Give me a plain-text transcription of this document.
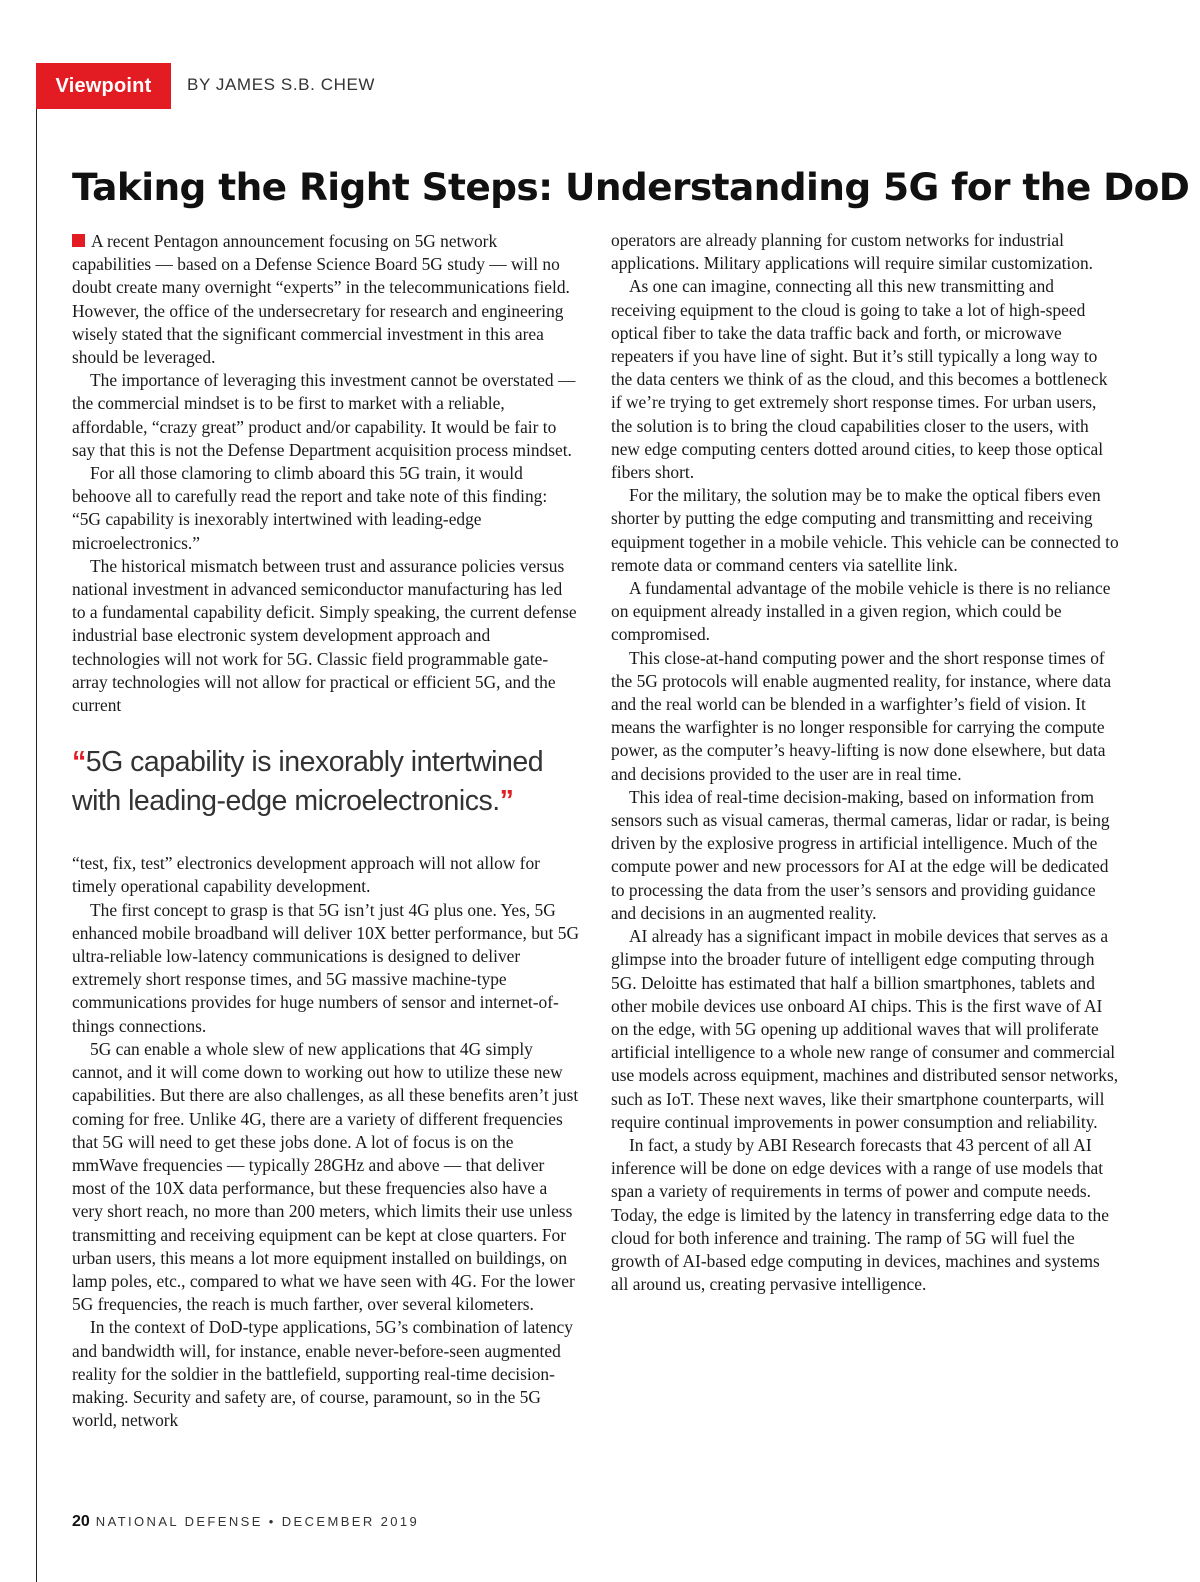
Viewpoint	BY JAMES S.B. CHEW
Taking the Right Steps: Understanding 5G for the DoD

A recent Pentagon announcement focusing on 5G network capabilities — based on a Defense Science Board 5G study — will no doubt create many overnight “experts” in the telecommunications field. However, the office of the undersecretary for research and engineering wisely stated that the significant commercial investment in this area should be leveraged.

The importance of leveraging this investment cannot be overstated — the commercial mindset is to be first to market with a reliable, affordable, “crazy great” product and/or capability. It would be fair to say that this is not the Defense Department acquisition process mindset.

For all those clamoring to climb aboard this 5G train, it would behoove all to carefully read the report and take note of this finding: “5G capability is inexorably intertwined with leading-edge microelectronics.”

The historical mismatch between trust and assurance policies versus national investment in advanced semiconductor manufacturing has led to a fundamental capability deficit. Simply speaking, the current defense industrial base electronic system development approach and technologies will not work for 5G. Classic field programmable gate-array technologies will not allow for practical or efficient 5G, and the current

“5G capability is inexorably intertwined with leading-edge microelectronics.”

“test, fix, test” electronics development approach will not allow for timely operational capability development.

The first concept to grasp is that 5G isn’t just 4G plus one. Yes, 5G enhanced mobile broadband will deliver 10X better performance, but 5G ultra-reliable low-latency communications is designed to deliver extremely short response times, and 5G massive machine-type communications provides for huge numbers of sensor and internet-of-things connections.

5G can enable a whole slew of new applications that 4G simply cannot, and it will come down to working out how to utilize these new capabilities. But there are also challenges, as all these benefits aren’t just coming for free. Unlike 4G, there are a variety of different frequencies that 5G will need to get these jobs done. A lot of focus is on the mmWave frequencies — typically 28GHz and above — that deliver most of the 10X data performance, but these frequencies also have a very short reach, no more than 200 meters, which limits their use unless transmitting and receiving equipment can be kept at close quarters. For urban users, this means a lot more equipment installed on buildings, on lamp poles, etc., compared to what we have seen with 4G. For the lower 5G frequencies, the reach is much farther, over several kilometers.

In the context of DoD-type applications, 5G’s combination of latency and bandwidth will, for instance, enable never-before-seen augmented reality for the soldier in the battlefield, supporting real-time decision-making. Security and safety are, of course, paramount, so in the 5G world, network

operators are already planning for custom networks for industrial applications. Military applications will require similar customization.

As one can imagine, connecting all this new transmitting and receiving equipment to the cloud is going to take a lot of high-speed optical fiber to take the data traffic back and forth, or microwave repeaters if you have line of sight. But it’s still typically a long way to the data centers we think of as the cloud, and this becomes a bottleneck if we’re trying to get extremely short response times. For urban users, the solution is to bring the cloud capabilities closer to the users, with new edge computing centers dotted around cities, to keep those optical fibers short.

For the military, the solution may be to make the optical fibers even shorter by putting the edge computing and transmitting and receiving equipment together in a mobile vehicle. This vehicle can be connected to remote data or command centers via satellite link.

A fundamental advantage of the mobile vehicle is there is no reliance on equipment already installed in a given region, which could be compromised.

This close-at-hand computing power and the short response times of the 5G protocols will enable augmented reality, for instance, where data and the real world can be blended in a warfighter’s field of vision. It means the warfighter is no longer responsible for carrying the compute power, as the computer’s heavy-lifting is now done elsewhere, but data and decisions provided to the user are in real time.

This idea of real-time decision-making, based on information from sensors such as visual cameras, thermal cameras, lidar or radar, is being driven by the explosive progress in artificial intelligence. Much of the compute power and new processors for AI at the edge will be dedicated to processing the data from the user’s sensors and providing guidance and decisions in an augmented reality.

AI already has a significant impact in mobile devices that serves as a glimpse into the broader future of intelligent edge computing through 5G. Deloitte has estimated that half a billion smartphones, tablets and other mobile devices use onboard AI chips. This is the first wave of AI on the edge, with 5G opening up additional waves that will proliferate artificial intelligence to a whole new range of consumer and commercial use models across equipment, machines and distributed sensor networks, such as IoT. These next waves, like their smartphone counterparts, will require continual improvements in power consumption and reliability.

In fact, a study by ABI Research forecasts that 43 percent of all AI inference will be done on edge devices with a range of use models that span a variety of requirements in terms of power and compute needs. Today, the edge is limited by the latency in transferring edge data to the cloud for both inference and training. The ramp of 5G will fuel the growth of AI-based edge computing in devices, machines and systems all around us, creating pervasive intelligence.

20 NATIONAL DEFENSE • DECEMBER 2019
